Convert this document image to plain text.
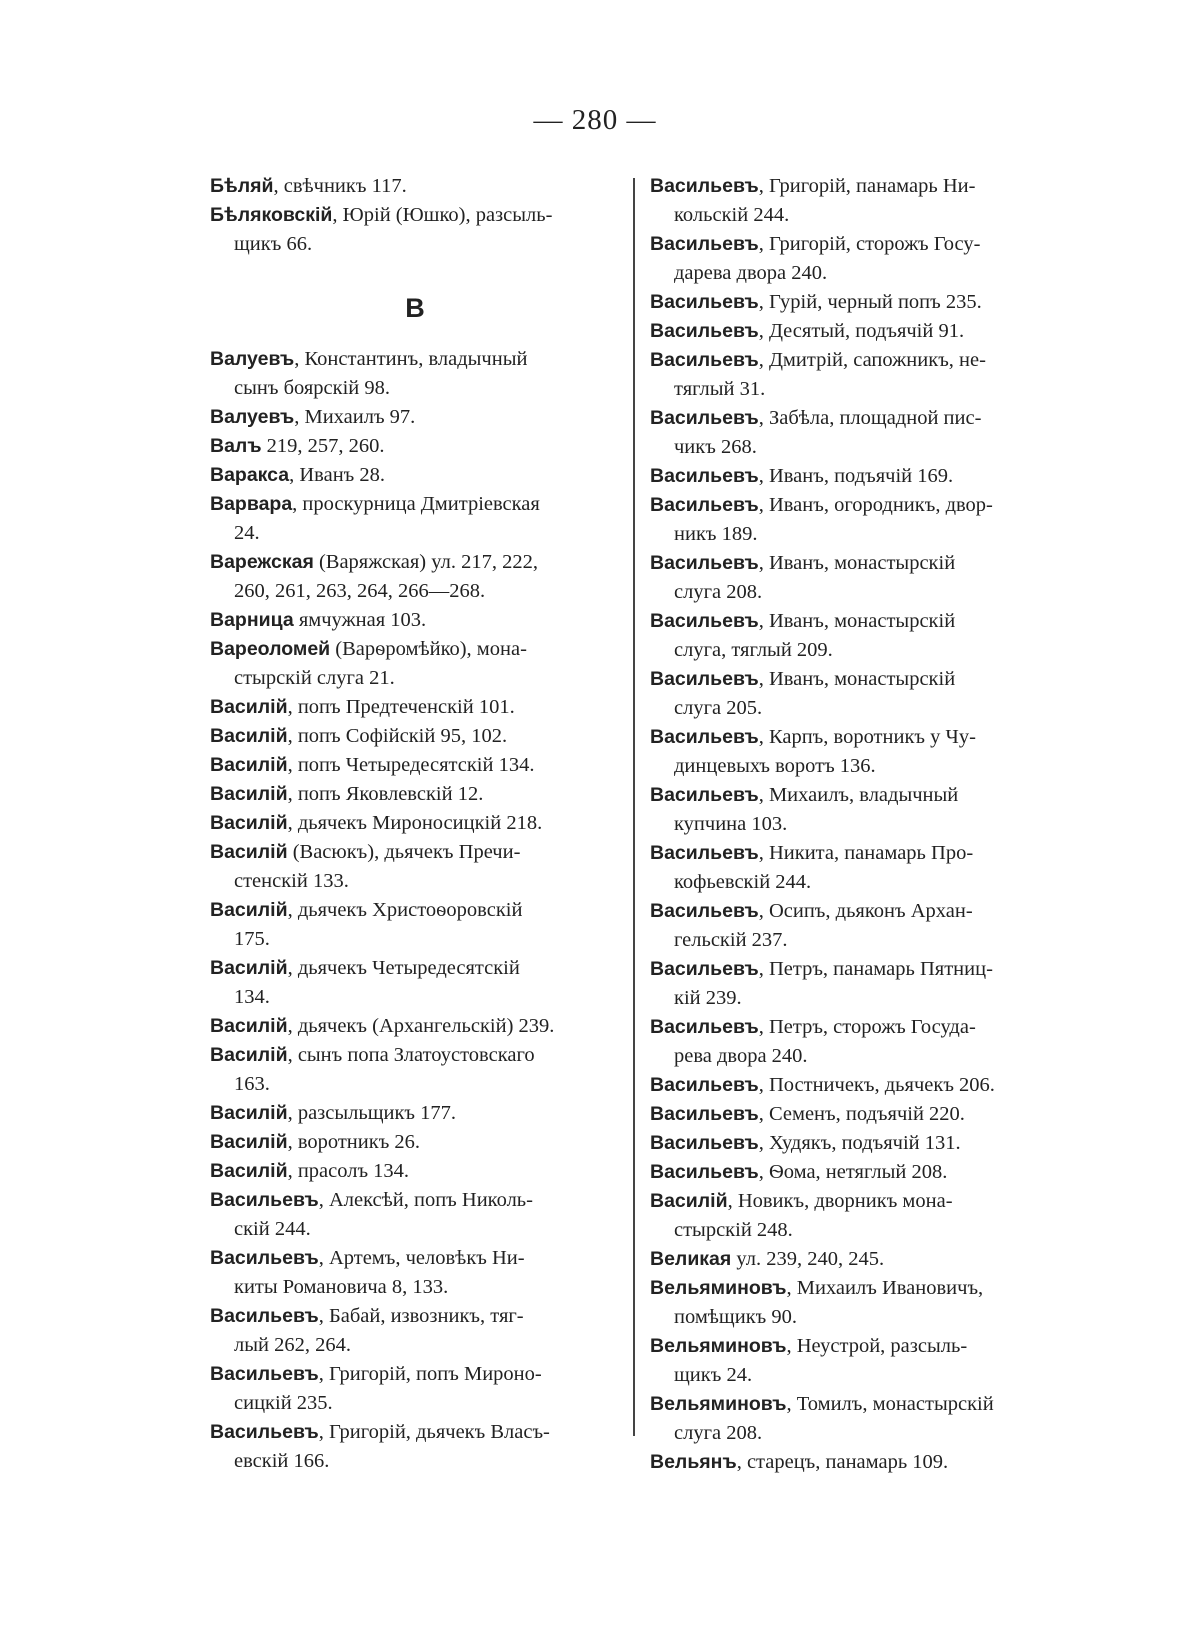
— 280 —
Бѣляй, свѣчникъ 117.
Бѣляковскій, Юрій (Юшко), разсыль-
щикъ 66.
В
Валуевъ, Константинъ, владычный
сынъ боярскій 98.
Валуевъ, Михаилъ 97.
Валъ 219, 257, 260.
Варакса, Иванъ 28.
Варвара, проскурница Дмитріевская
24.
Варежская (Варяжская) ул. 217, 222,
260, 261, 263, 264, 266—268.
Варница ямчужная 103.
Вареоломей (Варѳромѣйко), мона-
стырскій слуга 21.
Василій, попъ Предтеченскій 101.
Василій, попъ Софійскій 95, 102.
Василій, попъ Четыредесятскій 134.
Василій, попъ Яковлевскій 12.
Василій, дьячекъ Мироносицкій 218.
Василій (Васюкъ), дьячекъ Пречи-
стенскій 133.
Василій, дьячекъ Христоѳоровскій
175.
Василій, дьячекъ Четыредесятскій
134.
Василій, дьячекъ (Архангельскій) 239.
Василій, сынъ попа Златоустовскаго
163.
Василій, разсыльщикъ 177.
Василій, воротникъ 26.
Василій, прасолъ 134.
Васильевъ, Алексѣй, попъ Николь-
скій 244.
Васильевъ, Артемъ, человѣкъ Ни-
киты Романовича 8, 133.
Васильевъ, Бабай, извозникъ, тяг-
лый 262, 264.
Васильевъ, Григорій, попъ Мироно-
сицкій 235.
Васильевъ, Григорій, дьячекъ Власъ-
евскій 166.
Васильевъ, Григорій, панамарь Ни-
кольскій 244.
Васильевъ, Григорій, сторожъ Госу-
дарева двора 240.
Васильевъ, Гурій, черный попъ 235.
Васильевъ, Десятый, подъячій 91.
Васильевъ, Дмитрій, сапожникъ, не-
тяглый 31.
Васильевъ, Забѣла, площадной пис-
чикъ 268.
Васильевъ, Иванъ, подъячій 169.
Васильевъ, Иванъ, огородникъ, двор-
никъ 189.
Васильевъ, Иванъ, монастырскій
слуга 208.
Васильевъ, Иванъ, монастырскій
слуга, тяглый 209.
Васильевъ, Иванъ, монастырскій
слуга 205.
Васильевъ, Карпъ, воротникъ у Чу-
динцевыхъ воротъ 136.
Васильевъ, Михаилъ, владычный
купчина 103.
Васильевъ, Никита, панамарь Про-
кофьевскій 244.
Васильевъ, Осипъ, дьяконъ Архан-
гельскій 237.
Васильевъ, Петръ, панамарь Пятниц-
кій 239.
Васильевъ, Петръ, сторожъ Госуда-
рева двора 240.
Васильевъ, Постничекъ, дьячекъ 206.
Васильевъ, Семенъ, подъячій 220.
Васильевъ, Худякъ, подъячій 131.
Васильевъ, Ѳома, нетяглый 208.
Василій, Новикъ, дворникъ мона-
стырскій 248.
Великая ул. 239, 240, 245.
Вельяминовъ, Михаилъ Ивановичъ,
помѣщикъ 90.
Вельяминовъ, Неустрой, разсыль-
щикъ 24.
Вельяминовъ, Томилъ, монастырскій
слуга 208.
Вельянъ, старецъ, панамарь 109.
